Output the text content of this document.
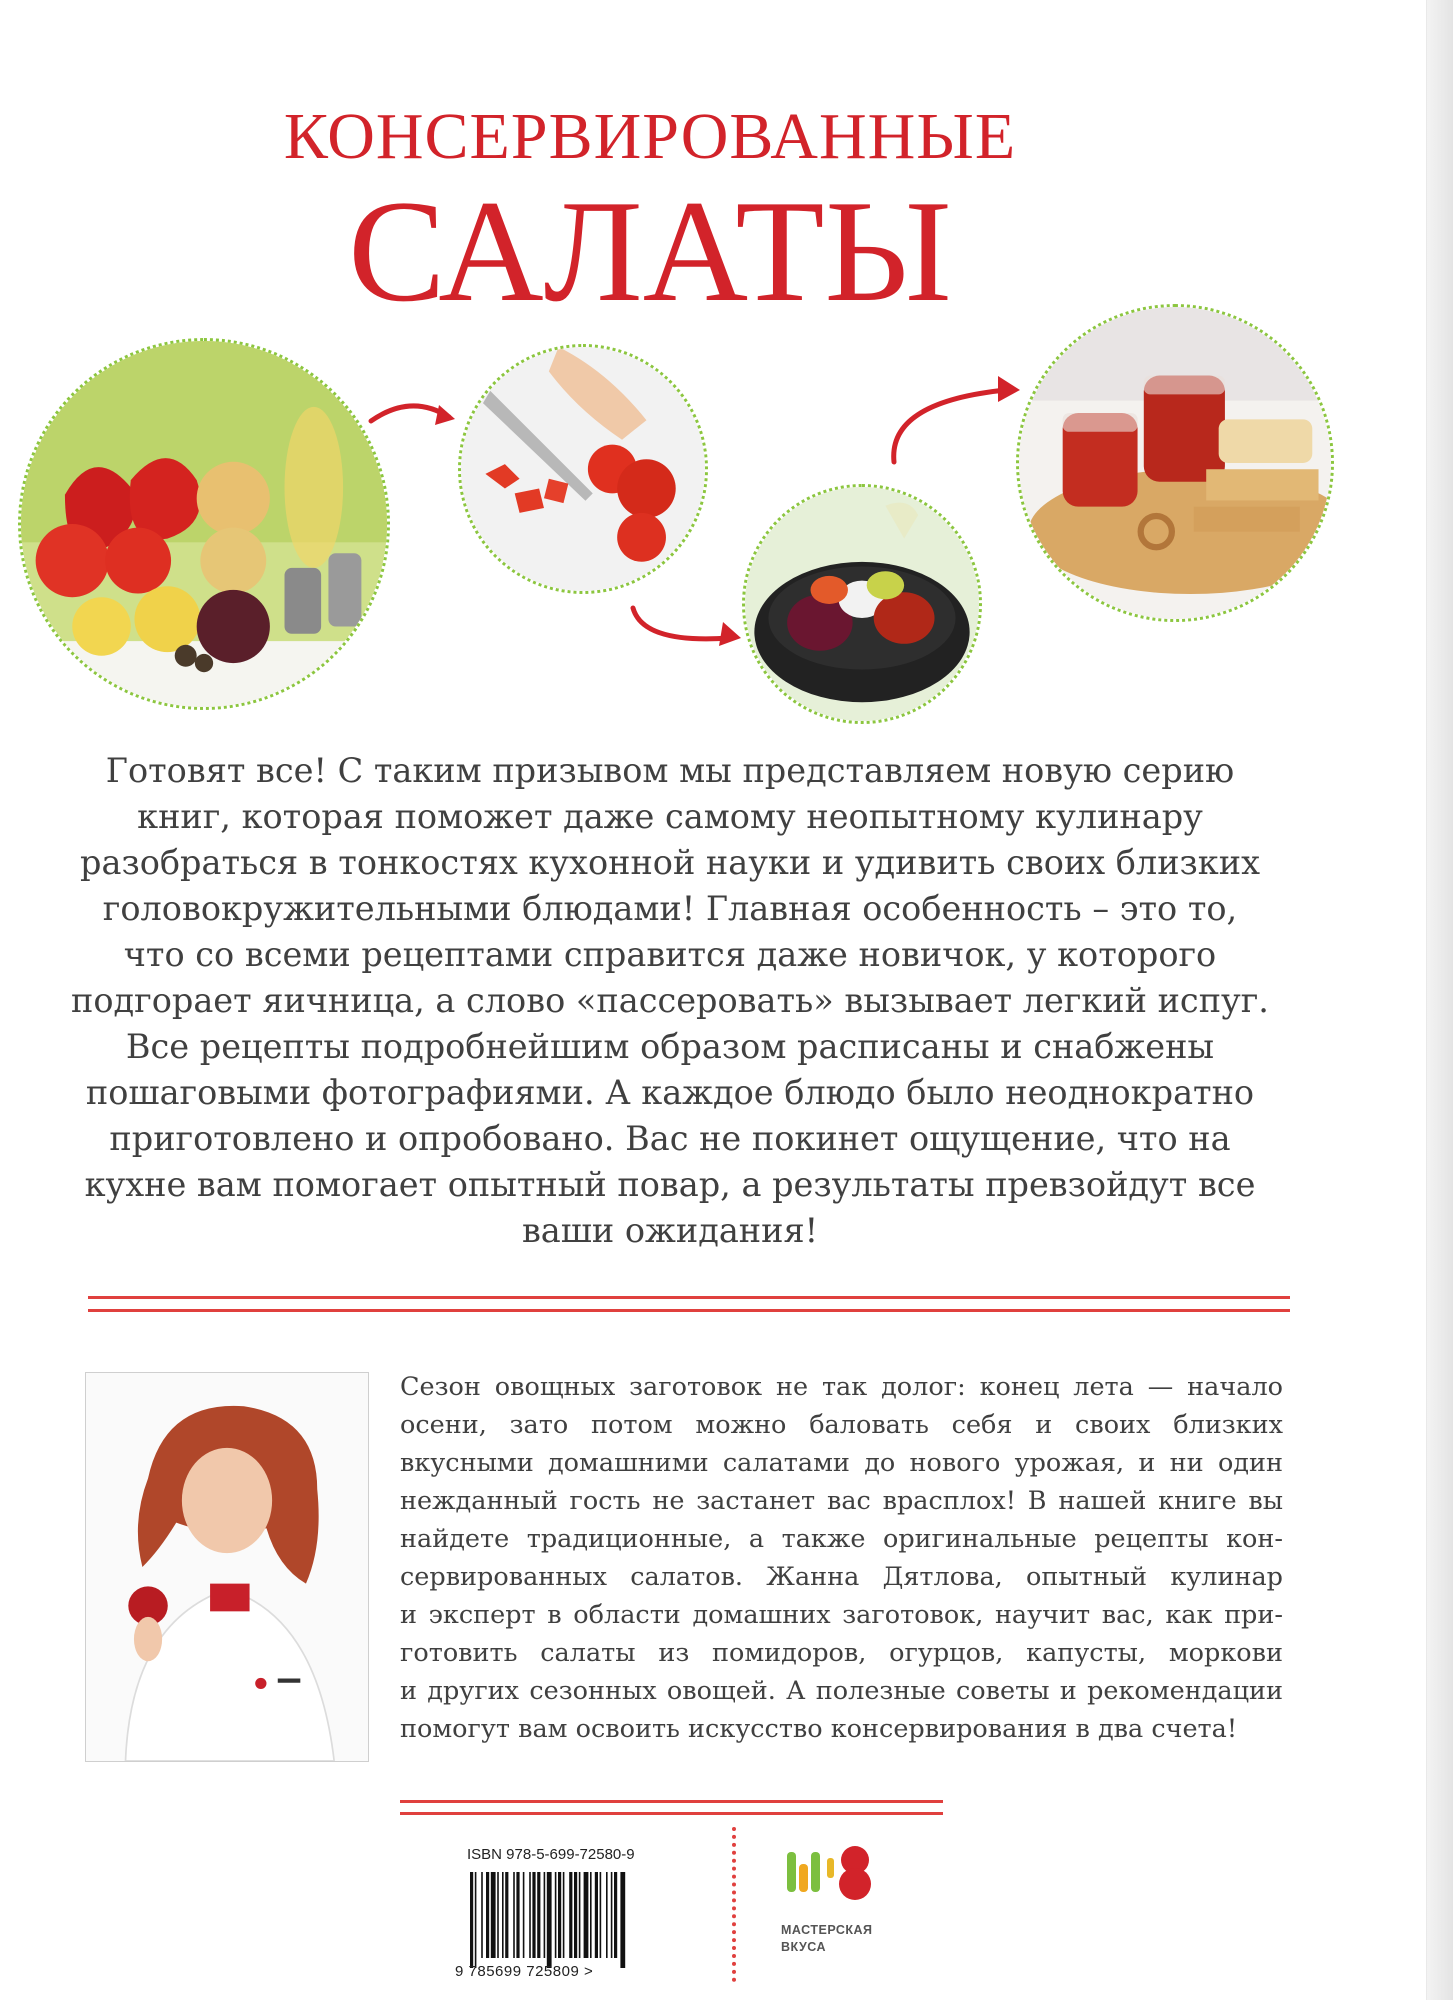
КОНСЕРВИРОВАННЫЕ
САЛАТЫ

Готовят все! С таким призывом мы представляем новую серию

книг, которая поможет даже самому неопытному кулинару

разобраться в тонкостях кухонной науки и удивить своих близких

головокружительными блюдами! Главная особенность – это то,

что со всеми рецептами справится даже новичок, у которого

подгорает яичница, а слово «пассеровать» вызывает легкий испуг.

Все рецепты подробнейшим образом расписаны и снабжены

пошаговыми фотографиями. А каждое блюдо было неоднократно

приготовлено и опробовано. Вас не покинет ощущение, что на

кухне вам помогает опытный повар, а результаты превзойдут все

ваши ожидания!

Сезон овощных заготовок не так долог: конец лета — начало

осени, зато потом можно баловать себя и своих близких

вкусными домашними салатами до нового урожая, и ни один

нежданный гость не застанет вас врасплох! В нашей книге вы

найдете традиционные, а также оригинальные рецепты кон-

сервированных салатов. Жанна Дятлова, опытный кулинар

и эксперт в области домашних заготовок, научит вас, как при-

готовить салаты из помидоров, огурцов, капусты, моркови

и других сезонных овощей. А полезные советы и рекомендации

помогут вам освоить искусство консервирования в два счета!

ISBN 978-5-699-72580-9
9 785699 725809 >
МАСТЕРСКАЯ
ВКУСА
